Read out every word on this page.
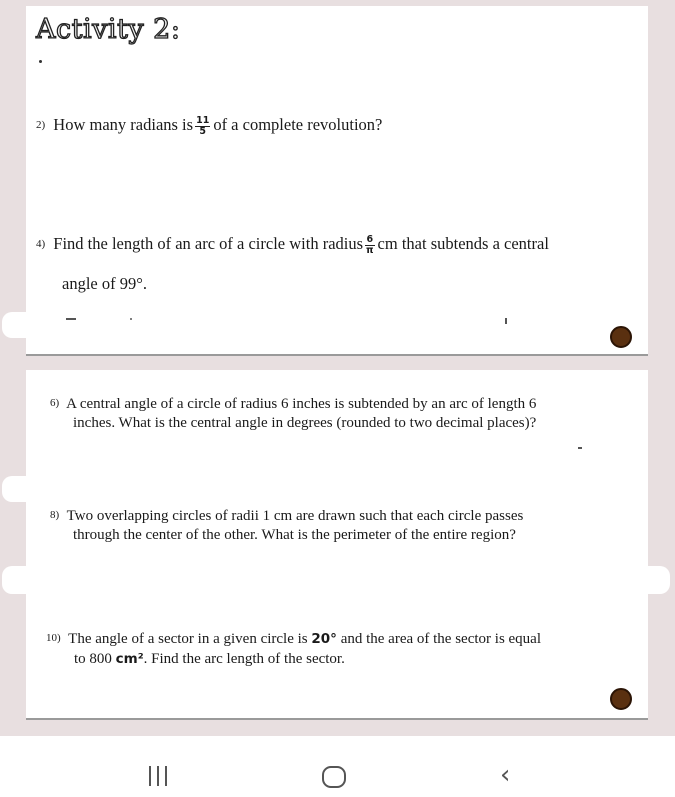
Activity 2:
2) How many radians is $\frac{11}{5}$ of a complete revolution?
4) Find the length of an arc of a circle with radius $\frac{6}{\pi}$ cm that subtends a central
angle of 99°.
6) A central angle of a circle of radius 6 inches is subtended by an arc of length 6
inches. What is the central angle in degrees (rounded to two decimal places)?
8) Two overlapping circles of radii 1 cm are drawn such that each circle passes
through the center of the other. What is the perimeter of the entire region?
10) The angle of a sector in a given circle is 20° and the area of the sector is equal
to 800 cm². Find the arc length of the sector.
‹
